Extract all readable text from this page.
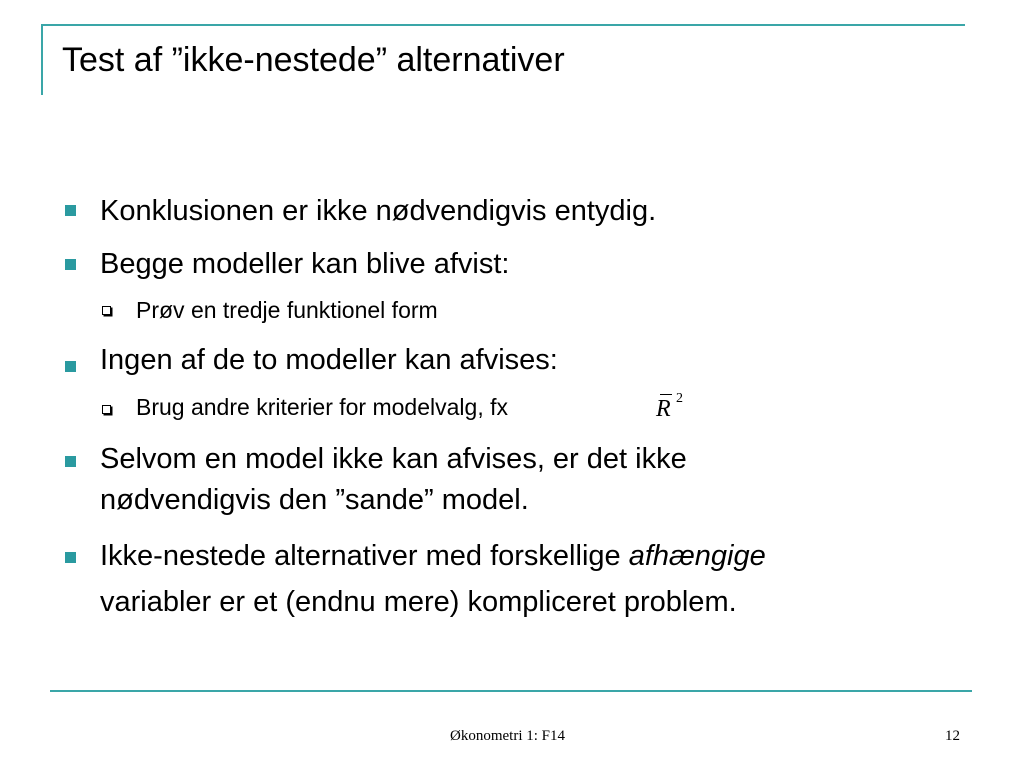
Test af ”ikke-nestede” alternativer
Konklusionen er ikke nødvendigvis entydig.
Begge modeller kan blive afvist:
Prøv en tredje funktionel form
Ingen af de to modeller kan afvises:
Brug andre kriterier for modelvalg, fx	R 2
Selvom en model ikke kan afvises, er det ikke
nødvendigvis den ”sande” model.
Ikke-nestede alternativer med forskellige afhængige
variabler er et (endnu mere) kompliceret problem.
Økonometri 1: F14	12
